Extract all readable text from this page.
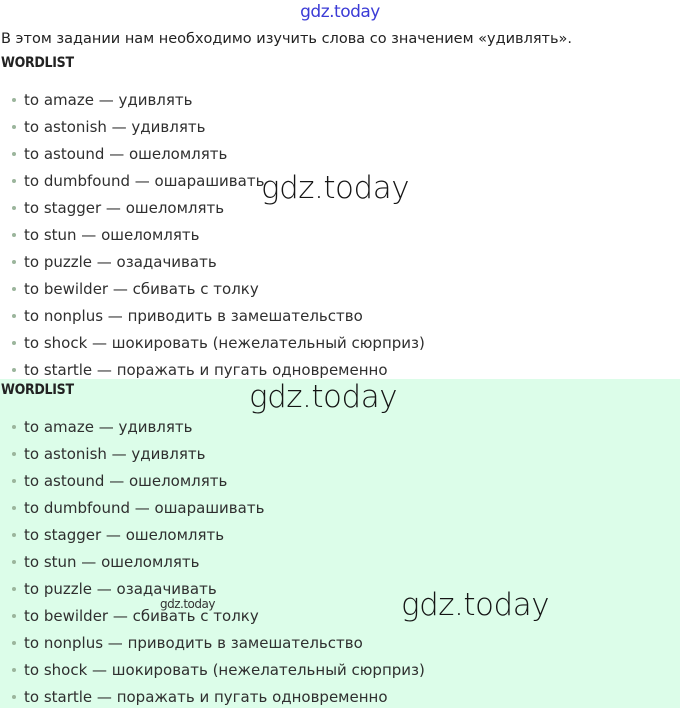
gdz.today
В этом задании нам необходимо изучить слова со значением «удивлять».
WORDLIST
to amaze — удивлять
to astonish — удивлять
to astound — ошеломлять
to dumbfound — ошарашивать
to stagger — ошеломлять
to stun — ошеломлять
to puzzle — озадачивать
to bewilder — сбивать с толку
to nonplus — приводить в замешательство
to shock — шокировать (нежелательный сюрприз)
to startle — поражать и пугать одновременно
gdz.today
WORDLIST
to amaze — удивлять
to astonish — удивлять
to astound — ошеломлять
to dumbfound — ошарашивать
to stagger — ошеломлять
to stun — ошеломлять
to puzzle — озадачивать
to bewilder — сбивать с толку
to nonplus — приводить в замешательство
to shock — шокировать (нежелательный сюрприз)
to startle — поражать и пугать одновременно
gdz.today
gdz.today
gdz.today
